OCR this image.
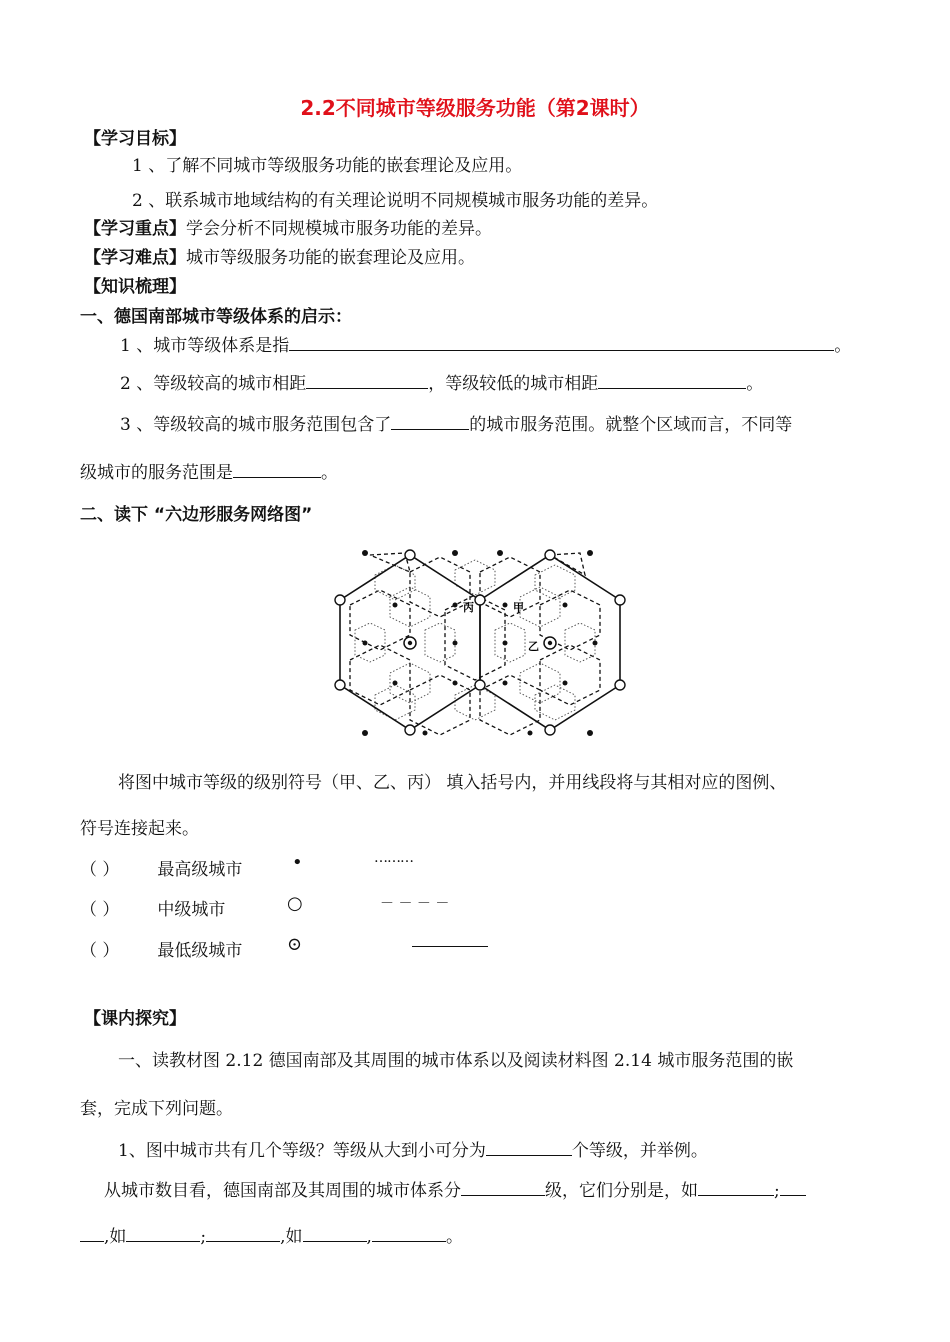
2.2不同城市等级服务功能（第2课时）
【学习目标】
1 、了解不同城市等级服务功能的嵌套理论及应用。
2 、联系城市地域结构的有关理论说明不同规模城市服务功能的差异。
【学习重点】学会分析不同规模城市服务功能的差异。
【学习难点】城市等级服务功能的嵌套理论及应用。
【知识梳理】
一、德国南部城市等级体系的启示：
1 、城市等级体系是指	。
2 、等级较高的城市相距	，等级较低的城市相距	。
3 、等级较高的城市服务范围包含了	的城市服务范围。就整个区域而言，不同等
级城市的服务范围是	。
二、读下 “六边形服务网络图”
丙	甲
乙
将图中城市等级的级别符号（甲、乙、丙） 填入括号内，并用线段将与其相对应的图例、
符号连接起来。
（ ） 最高级城市	•	………
（ ） 中级城市	○	－ － － －
（ ） 最低级城市	⊙
【课内探究】
一、读教材图 2.12 德国南部及其周围的城市体系以及阅读材料图 2.14 城市服务范围的嵌
套，完成下列问题。
1、图中城市共有几个等级？等级从大到小可分为	个等级，并举例。
从城市数目看，德国南部及其周围的城市体系分	级，它们分别是，如	;
,如	;	,如	,	。
